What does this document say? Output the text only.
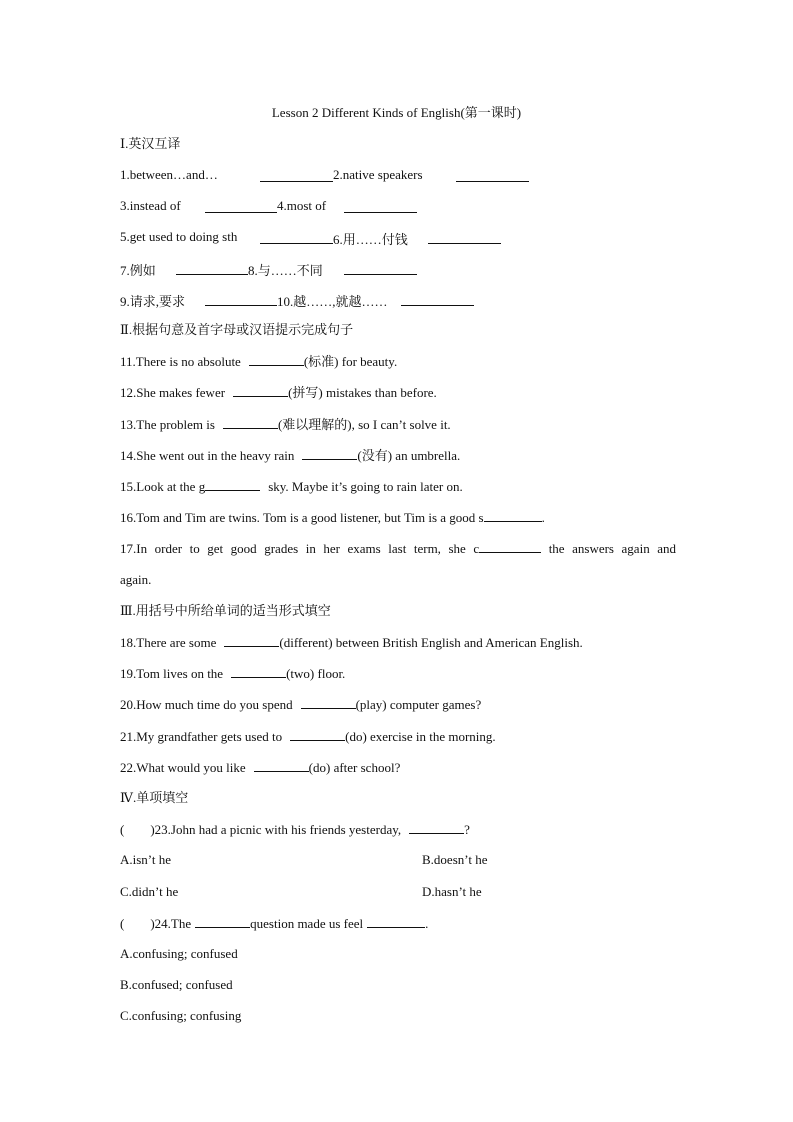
Lesson 2 Different Kinds of English(第一课时)
Ⅰ.英汉互译
1.between…and…	2.native speakers
3.instead of	4.most of
5.get used to doing sth	6.用……付钱
7.例如	8.与……不同
9.请求,要求	10.越……,就越……
Ⅱ.根据句意及首字母或汉语提示完成句子
11.There is no absolute	(标准) for beauty.
12.She makes fewer	(拼写) mistakes than before.
13.The problem is	(难以理解的), so I can’t solve it.
14.She went out in the heavy rain	(没有) an umbrella.
15.Look at the g	sky. Maybe it’s going to rain later on.
16.Tom and Tim are twins. Tom is a good listener, but Tim is a good s	.
17.In order to get good grades in her exams last term, she c	the answers again and
again.
Ⅲ.用括号中所给单词的适当形式填空
18.There are some	(different) between British English and American English.
19.Tom lives on the	(two) floor.
20.How much time do you spend	(play) computer games?
21.My grandfather gets used to	(do) exercise in the morning.
22.What would you like	(do) after school?
Ⅳ.单项填空
(        )23.John had a picnic with his friends yesterday,	?
A.isn’t he	B.doesn’t he
C.didn’t he	D.hasn’t he
(        )24.The	question made us feel	.
A.confusing; confused
B.confused; confused
C.confusing; confusing
